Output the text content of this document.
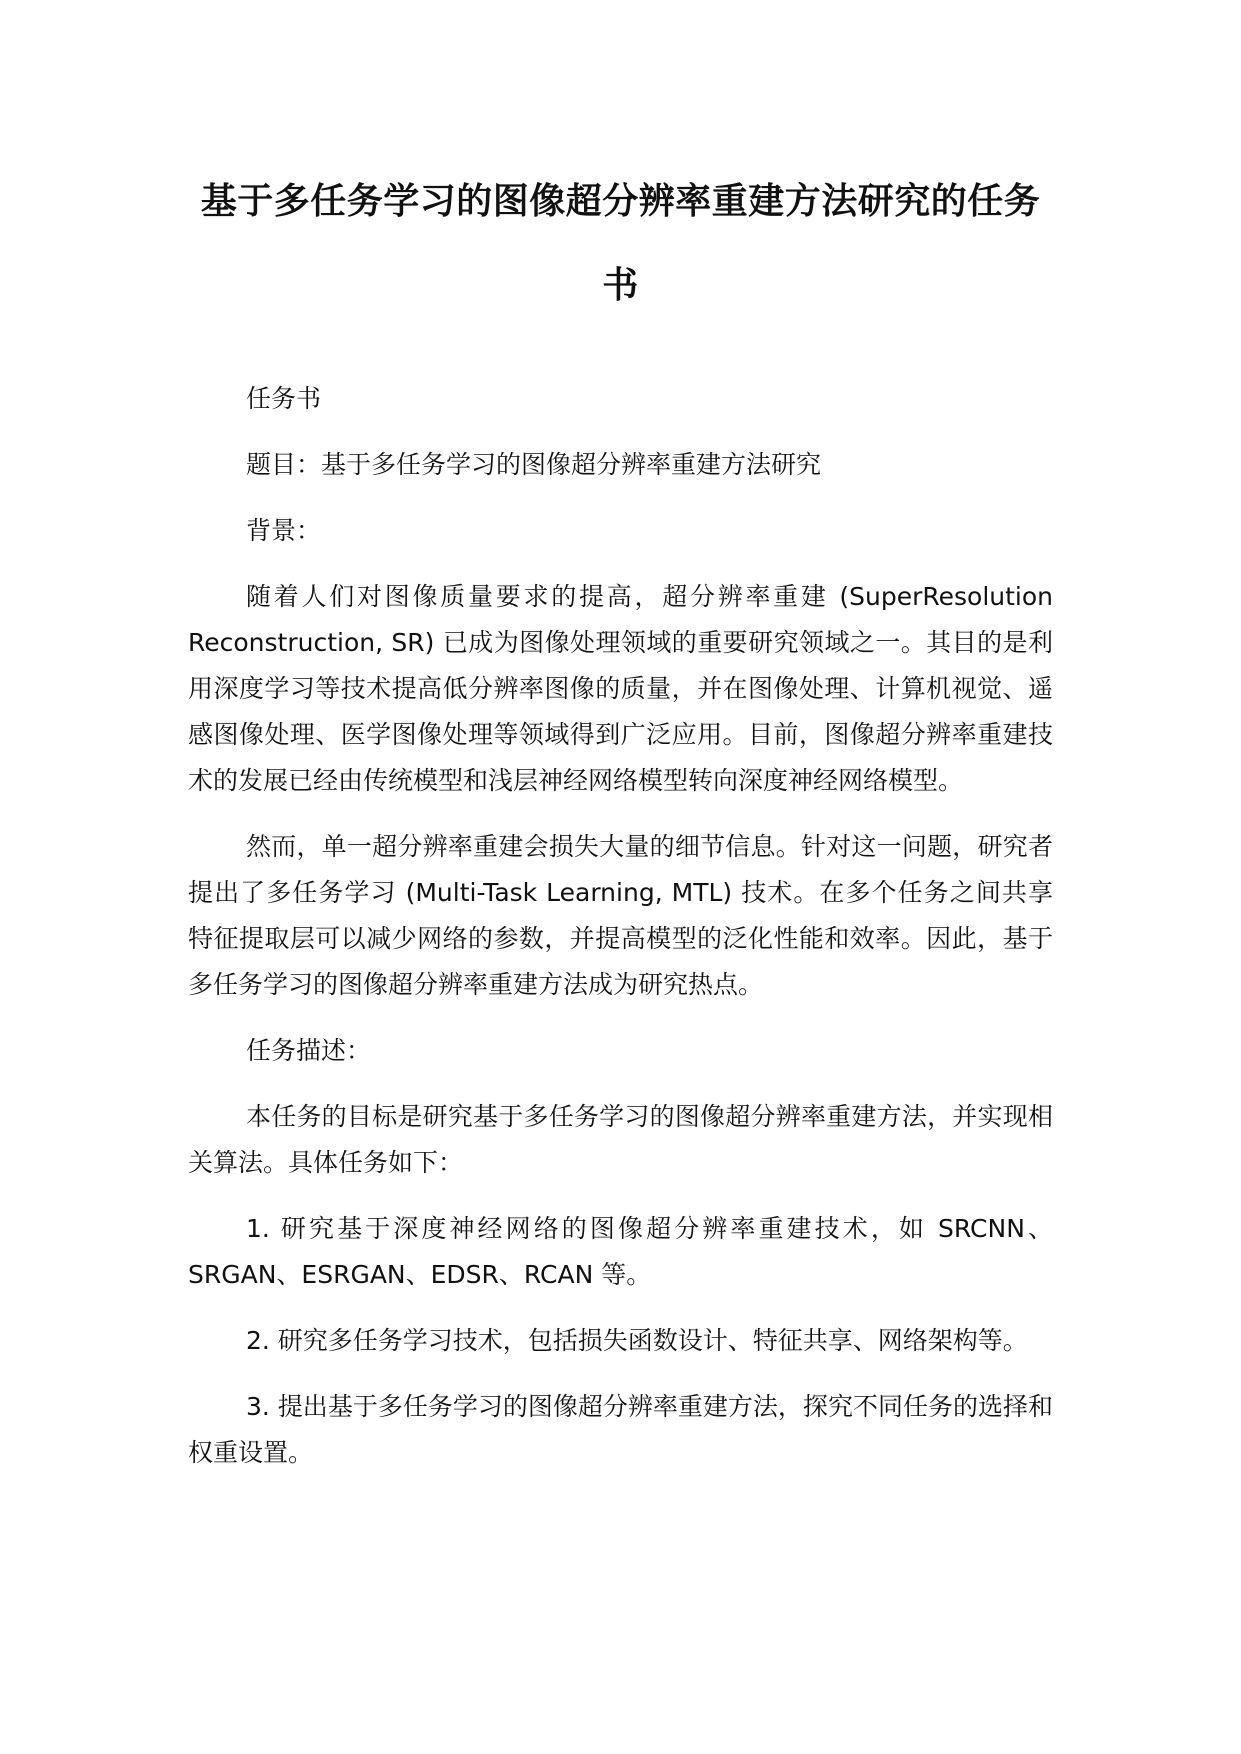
基于多任务学习的图像超分辨率重建方法研究的任务书

任务书

题目：基于多任务学习的图像超分辨率重建方法研究

背景：

随着人们对图像质量要求的提高，超分辨率重建 (SuperResolution Reconstruction, SR) 已成为图像处理领域的重要研究领域之一。其目的是利用深度学习等技术提高低分辨率图像的质量，并在图像处理、计算机视觉、遥感图像处理、医学图像处理等领域得到广泛应用。目前，图像超分辨率重建技术的发展已经由传统模型和浅层神经网络模型转向深度神经网络模型。

然而，单一超分辨率重建会损失大量的细节信息。针对这一问题，研究者提出了多任务学习 (Multi-Task Learning, MTL) 技术。在多个任务之间共享特征提取层可以减少网络的参数，并提高模型的泛化性能和效率。因此，基于多任务学习的图像超分辨率重建方法成为研究热点。

任务描述：

本任务的目标是研究基于多任务学习的图像超分辨率重建方法，并实现相关算法。具体任务如下：

1. 研究基于深度神经网络的图像超分辨率重建技术，如 SRCNN、SRGAN、ESRGAN、EDSR、RCAN 等。

2. 研究多任务学习技术，包括损失函数设计、特征共享、网络架构等。

3. 提出基于多任务学习的图像超分辨率重建方法，探究不同任务的选择和权重设置。
